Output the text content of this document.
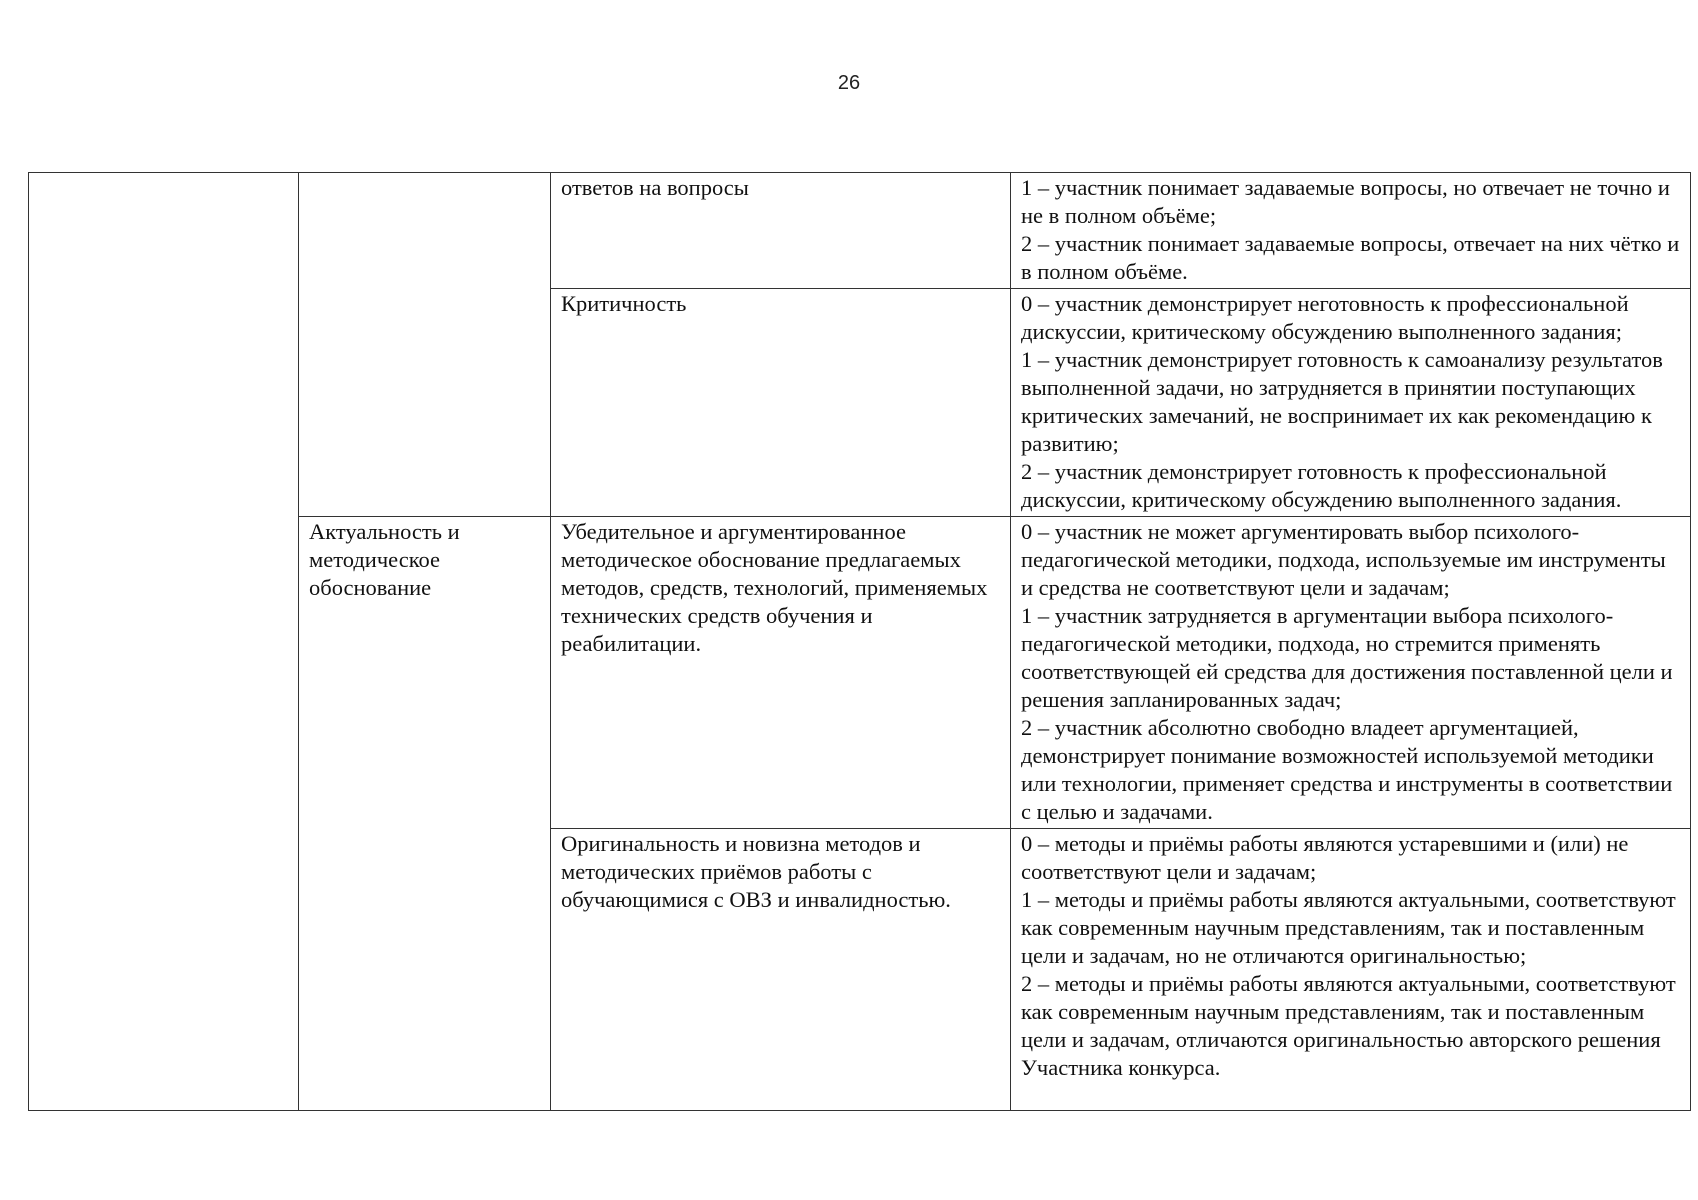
26
		ответов на вопросы	1 – участник понимает задаваемые вопросы, но отвечает не точно и не в полном объёме;
2 – участник понимает задаваемые вопросы, отвечает на них чётко и в полном объёме.

		Критичность	0 – участник демонстрирует неготовность к профессиональной дискуссии, критическому обсуждению выполненного задания;
1 – участник демонстрирует готовность к самоанализу результатов выполненной задачи, но затрудняется в принятии поступающих критических замечаний, не воспринимает их как рекомендацию к развитию;
2 – участник демонстрирует готовность к профессиональной дискуссии, критическому обсуждению выполненного задания.

	Актуальность и методическое обоснование	Убедительное и аргументированное методическое обоснование предлагаемых методов, средств, технологий, применяемых технических средств обучения и реабилитации.	0 – участник не может аргументировать выбор психолого-педагогической методики, подхода, используемые им инструменты и средства не соответствуют цели и задачам;
1 – участник затрудняется в аргументации выбора психолого-педагогической методики, подхода, но стремится применять соответствующей ей средства для достижения поставленной цели и решения запланированных задач;
2 – участник абсолютно свободно владеет аргументацией, демонстрирует понимание возможностей используемой методики или технологии, применяет средства и инструменты в соответствии с целью и задачами.

		Оригинальность и новизна методов и методических приёмов работы с обучающимися с ОВЗ и инвалидностью.	0 – методы и приёмы работы являются устаревшими и (или) не соответствуют цели и задачам;
1 – методы и приёмы работы являются актуальными, соответствуют как современным научным представлениям, так и поставленным цели и задачам, но не отличаются оригинальностью;
2 – методы и приёмы работы являются актуальными, соответствуют как современным научным представлениям, так и поставленным цели и задачам, отличаются оригинальностью авторского решения Участника конкурса.
